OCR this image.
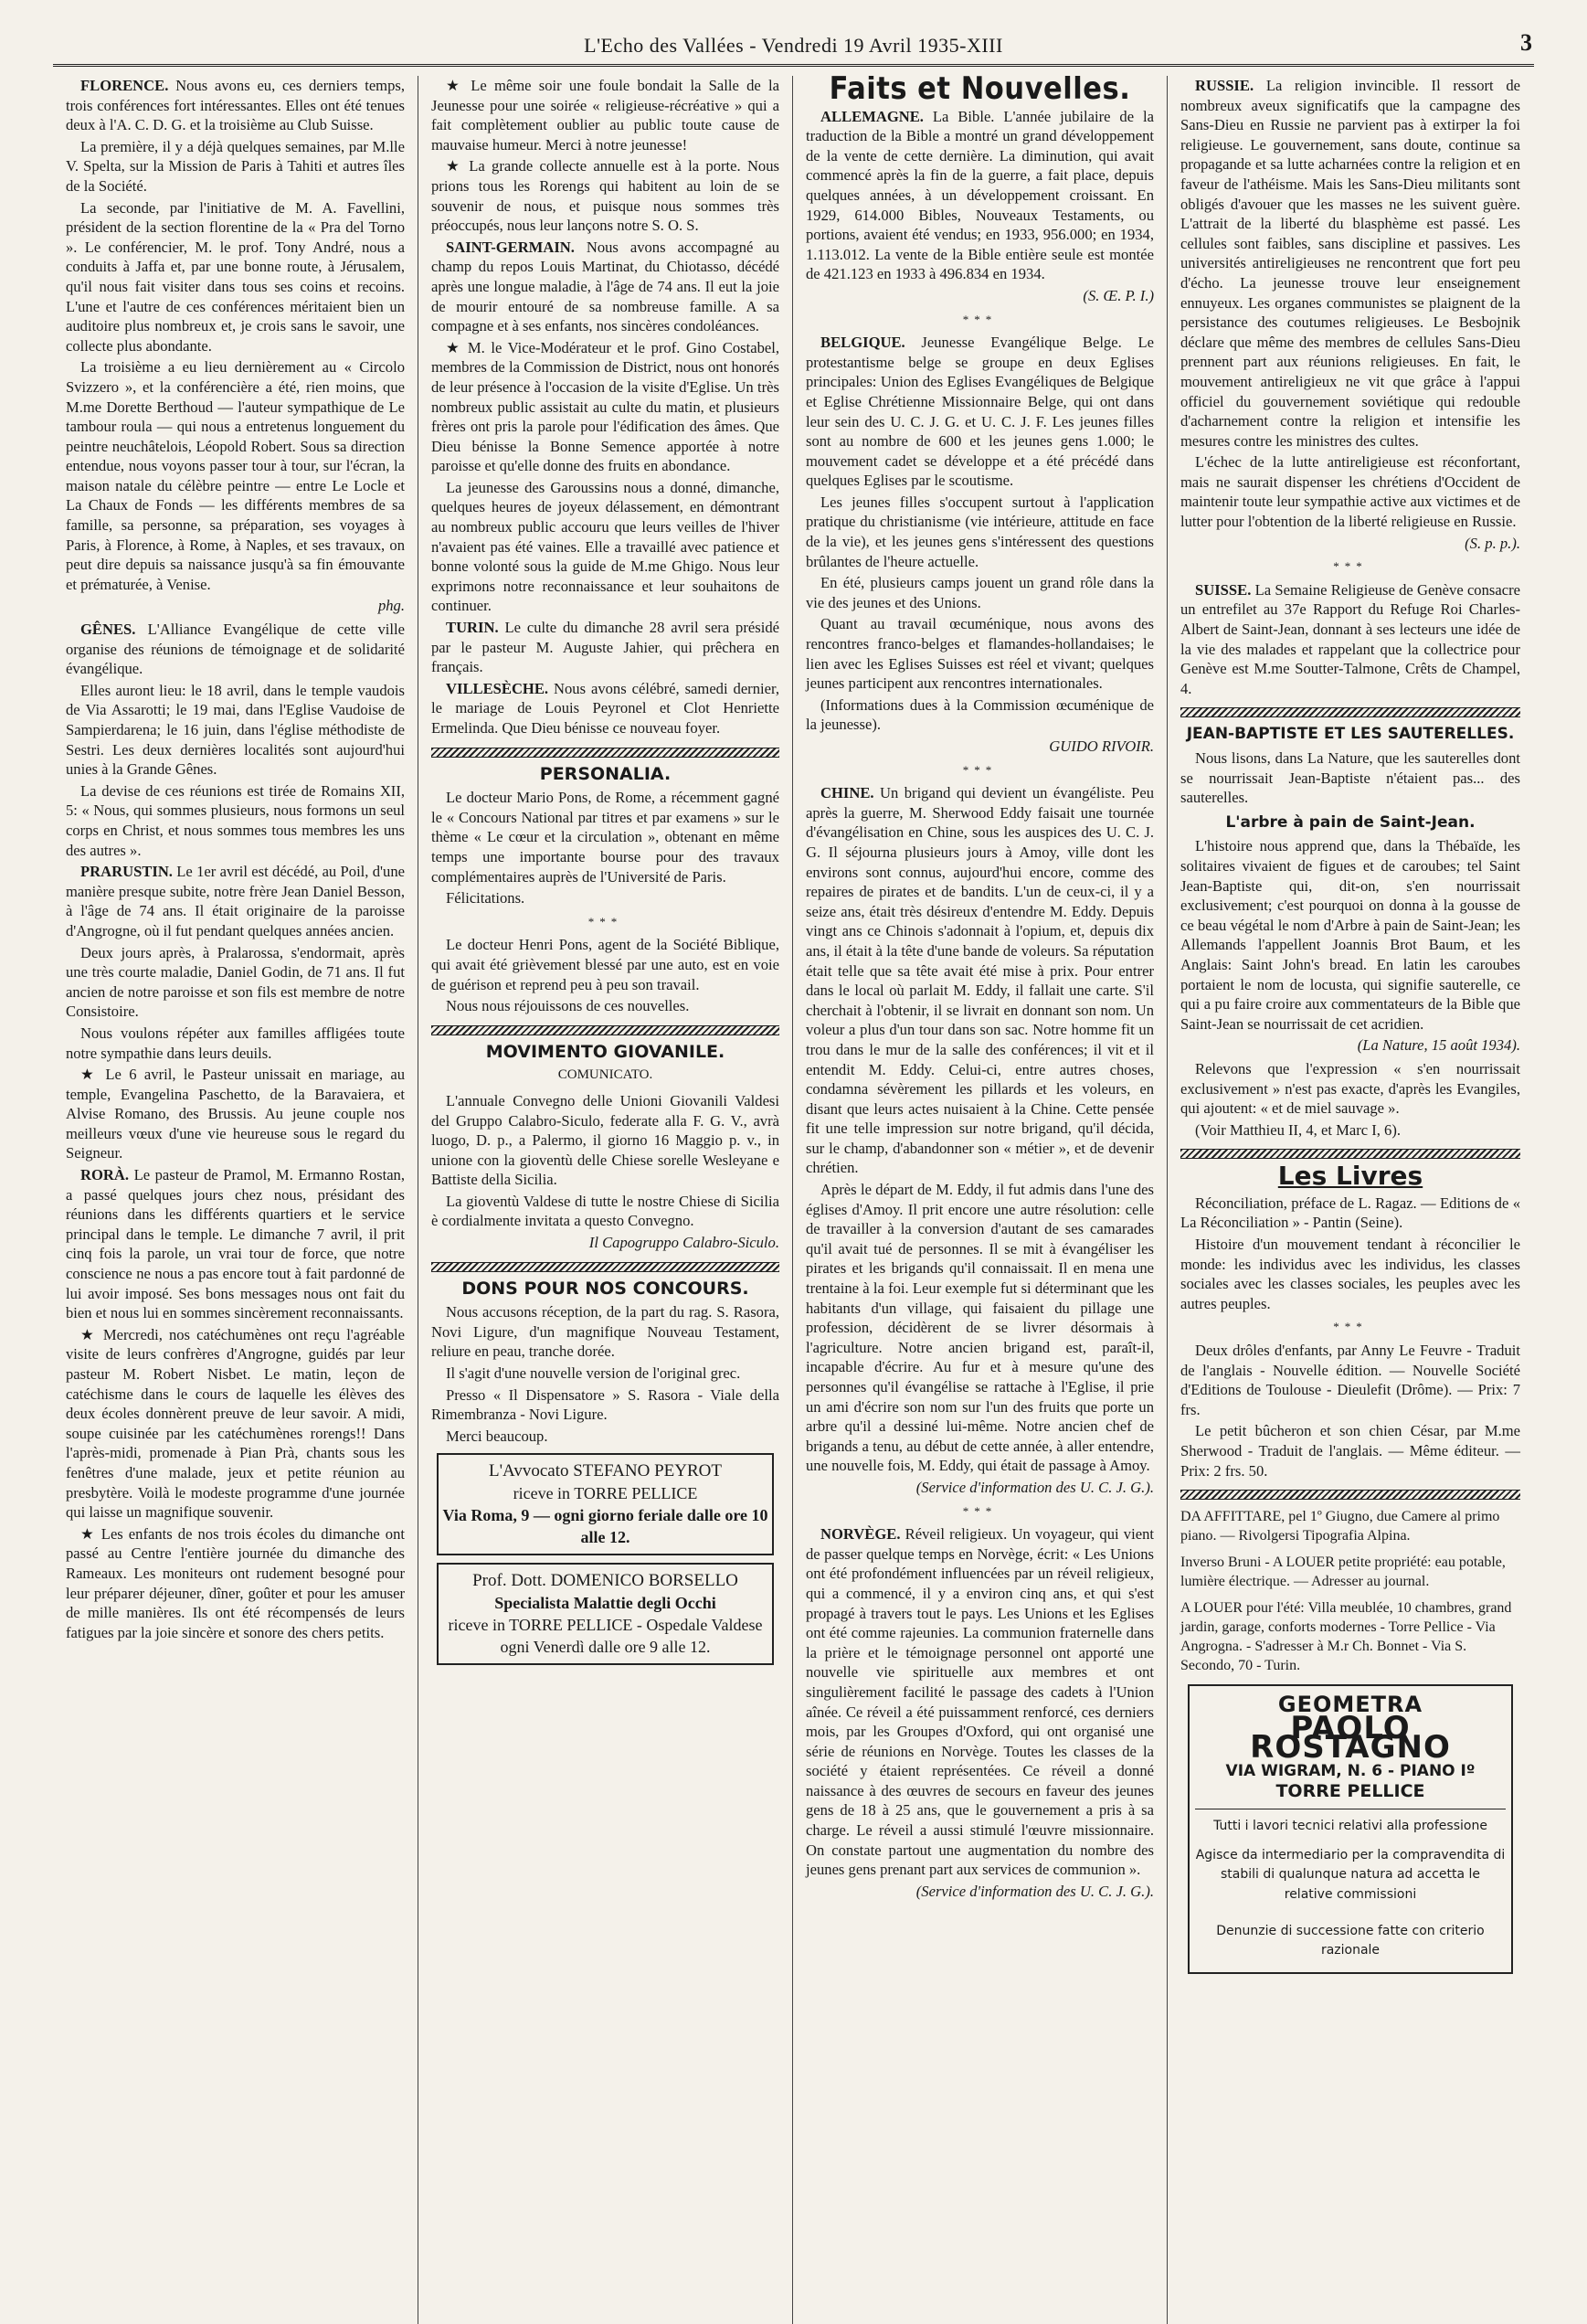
L'Echo des Vallées - Vendredi 19 Avril 1935-XIII	3

FLORENCE. Nous avons eu, ces derniers temps, trois conférences fort intéressantes. Elles ont été tenues deux à l'A. C. D. G. et la troisième au Club Suisse.

La première, il y a déjà quelques semaines, par M.lle V. Spelta, sur la Mission de Paris à Tahiti et autres îles de la Société.

La seconde, par l'initiative de M. A. Favellini, président de la section florentine de la « Pra del Torno ». Le conférencier, M. le prof. Tony André, nous a conduits à Jaffa et, par une bonne route, à Jérusalem, qu'il nous fait visiter dans tous ses coins et recoins. L'une et l'autre de ces conférences méritaient bien un auditoire plus nombreux et, je crois sans le savoir, une collecte plus abondante.

La troisième a eu lieu dernièrement au « Circolo Svizzero », et la conférencière a été, rien moins, que M.me Dorette Berthoud — l'auteur sympathique de Le tambour roula — qui nous a entretenus longuement du peintre neuchâtelois, Léopold Robert. Sous sa direction entendue, nous voyons passer tour à tour, sur l'écran, la maison natale du célèbre peintre — entre Le Locle et La Chaux de Fonds — les différents membres de sa famille, sa personne, sa préparation, ses voyages à Paris, à Florence, à Rome, à Naples, et ses travaux, on peut dire depuis sa naissance jusqu'à sa fin émouvante et prématurée, à Venise.

phg.

GÊNES. L'Alliance Evangélique de cette ville organise des réunions de témoignage et de solidarité évangélique.

Elles auront lieu: le 18 avril, dans le temple vaudois de Via Assarotti; le 19 mai, dans l'Eglise Vaudoise de Sampierdarena; le 16 juin, dans l'église méthodiste de Sestri. Les deux dernières localités sont aujourd'hui unies à la Grande Gênes.

La devise de ces réunions est tirée de Romains XII, 5: « Nous, qui sommes plusieurs, nous formons un seul corps en Christ, et nous sommes tous membres les uns des autres ».

PRARUSTIN. Le 1er avril est décédé, au Poil, d'une manière presque subite, notre frère Jean Daniel Besson, à l'âge de 74 ans. Il était originaire de la paroisse d'Angrogne, où il fut pendant quelques années ancien.

Deux jours après, à Pralarossa, s'endormait, après une très courte maladie, Daniel Godin, de 71 ans. Il fut ancien de notre paroisse et son fils est membre de notre Consistoire.

Nous voulons répéter aux familles affligées toute notre sympathie dans leurs deuils.

★ Le 6 avril, le Pasteur unissait en mariage, au temple, Evangelina Paschetto, de la Baravaiera, et Alvise Romano, des Brussis. Au jeune couple nos meilleurs vœux d'une vie heureuse sous le regard du Seigneur.

RORÀ. Le pasteur de Pramol, M. Ermanno Rostan, a passé quelques jours chez nous, présidant des réunions dans les différents quartiers et le service principal dans le temple. Le dimanche 7 avril, il prit cinq fois la parole, un vrai tour de force, que notre conscience ne nous a pas encore tout à fait pardonné de lui avoir imposé. Ses bons messages nous ont fait du bien et nous lui en sommes sincèrement reconnaissants.

★ Mercredi, nos catéchumènes ont reçu l'agréable visite de leurs confrères d'Angrogne, guidés par leur pasteur M. Robert Nisbet. Le matin, leçon de catéchisme dans le cours de laquelle les élèves des deux écoles donnèrent preuve de leur savoir. A midi, soupe cuisinée par les catéchumènes rorengs!! Dans l'après-midi, promenade à Pian Prà, chants sous les fenêtres d'une malade, jeux et petite réunion au presbytère. Voilà le modeste programme d'une journée qui laisse un magnifique souvenir.

★ Les enfants de nos trois écoles du dimanche ont passé au Centre l'entière journée du dimanche des Rameaux. Les moniteurs ont rudement besogné pour leur préparer déjeuner, dîner, goûter et pour les amuser de mille manières. Ils ont été récompensés de leurs fatigues par la joie sincère et sonore des chers petits.

★ Le même soir une foule bondait la Salle de la Jeunesse pour une soirée « religieuse-récréative » qui a fait complètement oublier au public toute cause de mauvaise humeur. Merci à notre jeunesse!

★ La grande collecte annuelle est à la porte. Nous prions tous les Rorengs qui habitent au loin de se souvenir de nous, et puisque nous sommes très préoccupés, nous leur lançons notre S. O. S.

SAINT-GERMAIN. Nous avons accompagné au champ du repos Louis Martinat, du Chiotasso, décédé après une longue maladie, à l'âge de 74 ans. Il eut la joie de mourir entouré de sa nombreuse famille. A sa compagne et à ses enfants, nos sincères condoléances.

★ M. le Vice-Modérateur et le prof. Gino Costabel, membres de la Commission de District, nous ont honorés de leur présence à l'occasion de la visite d'Eglise. Un très nombreux public assistait au culte du matin, et plusieurs frères ont pris la parole pour l'édification des âmes. Que Dieu bénisse la Bonne Semence apportée à notre paroisse et qu'elle donne des fruits en abondance.

La jeunesse des Garoussins nous a donné, dimanche, quelques heures de joyeux délassement, en démontrant au nombreux public accouru que leurs veilles de l'hiver n'avaient pas été vaines. Elle a travaillé avec patience et bonne volonté sous la guide de M.me Ghigo. Nous leur exprimons notre reconnaissance et leur souhaitons de continuer.

TURIN. Le culte du dimanche 28 avril sera présidé par le pasteur M. Auguste Jahier, qui prêchera en français.

VILLESÈCHE. Nous avons célébré, samedi dernier, le mariage de Louis Peyronel et Clot Henriette Ermelinda. Que Dieu bénisse ce nouveau foyer.

PERSONALIA.

Le docteur Mario Pons, de Rome, a récemment gagné le « Concours National par titres et par examens » sur le thème « Le cœur et la circulation », obtenant en même temps une importante bourse pour des travaux complémentaires auprès de l'Université de Paris.

Félicitations.

***

Le docteur Henri Pons, agent de la Société Biblique, qui avait été grièvement blessé par une auto, est en voie de guérison et reprend peu à peu son travail.

Nous nous réjouissons de ces nouvelles.

MOVIMENTO GIOVANILE.
COMUNICATO.

L'annuale Convegno delle Unioni Giovanili Valdesi del Gruppo Calabro-Siculo, federate alla F. G. V., avrà luogo, D. p., a Palermo, il giorno 16 Maggio p. v., in unione con la gioventù delle Chiese sorelle Wesleyane e Battiste della Sicilia.

La gioventù Valdese di tutte le nostre Chiese di Sicilia è cordialmente invitata a questo Convegno.

Il Capogruppo Calabro-Siculo.
DONS POUR NOS CONCOURS.

Nous accusons réception, de la part du rag. S. Rasora, Novi Ligure, d'un magnifique Nouveau Testament, reliure en peau, tranche dorée.

Il s'agit d'une nouvelle version de l'original grec.

Presso « Il Dispensatore » S. Rasora - Viale della Rimembranza - Novi Ligure.

Merci beaucoup.

L'Avvocato STEFANO PEYROT
riceve in TORRE PELLICE
Via Roma, 9 — ogni giorno feriale dalle ore 10 alle 12.
Prof. Dott. DOMENICO BORSELLO
Specialista Malattie degli Occhi
riceve in TORRE PELLICE - Ospedale Valdese ogni Venerdì dalle ore 9 alle 12.
Faits et Nouvelles.

ALLEMAGNE. La Bible. L'année jubilaire de la traduction de la Bible a montré un grand développement de la vente de cette dernière. La diminution, qui avait commencé après la fin de la guerre, a fait place, depuis quelques années, à un développement croissant. En 1929, 614.000 Bibles, Nouveaux Testaments, ou portions, avaient été vendus; en 1933, 956.000; en 1934, 1.113.012. La vente de la Bible entière seule est montée de 421.123 en 1933 à 496.834 en 1934.

(S. Œ. P. I.)
***

BELGIQUE. Jeunesse Evangélique Belge. Le protestantisme belge se groupe en deux Eglises principales: Union des Eglises Evangéliques de Belgique et Eglise Chrétienne Missionnaire Belge, qui ont dans leur sein des U. C. J. G. et U. C. J. F. Les jeunes filles sont au nombre de 600 et les jeunes gens 1.000; le mouvement cadet se développe et a été précédé dans quelques Eglises par le scoutisme.

Les jeunes filles s'occupent surtout à l'application pratique du christianisme (vie intérieure, attitude en face de la vie), et les jeunes gens s'intéressent des questions brûlantes de l'heure actuelle.

En été, plusieurs camps jouent un grand rôle dans la vie des jeunes et des Unions.

Quant au travail œcuménique, nous avons des rencontres franco-belges et flamandes-hollandaises; le lien avec les Eglises Suisses est réel et vivant; quelques jeunes participent aux rencontres internationales.

(Informations dues à la Commission œcuménique de la jeunesse).

GUIDO RIVOIR.
***

CHINE. Un brigand qui devient un évangéliste. Peu après la guerre, M. Sherwood Eddy faisait une tournée d'évangélisation en Chine, sous les auspices des U. C. J. G. Il séjourna plusieurs jours à Amoy, ville dont les environs sont connus, aujourd'hui encore, comme des repaires de pirates et de bandits. L'un de ceux-ci, il y a seize ans, était très désireux d'entendre M. Eddy. Depuis vingt ans ce Chinois s'adonnait à l'opium, et, depuis dix ans, il était à la tête d'une bande de voleurs. Sa réputation était telle que sa tête avait été mise à prix. Pour entrer dans le local où parlait M. Eddy, il fallait une carte. S'il cherchait à l'obtenir, il se livrait en donnant son nom. Un voleur a plus d'un tour dans son sac. Notre homme fit un trou dans le mur de la salle des conférences; il vit et il entendit M. Eddy. Celui-ci, entre autres choses, condamna sévèrement les pillards et les voleurs, en disant que leurs actes nuisaient à la Chine. Cette pensée fit une telle impression sur notre brigand, qu'il décida, sur le champ, d'abandonner son « métier », et de devenir chrétien.

Après le départ de M. Eddy, il fut admis dans l'une des églises d'Amoy. Il prit encore une autre résolution: celle de travailler à la conversion d'autant de ses camarades qu'il avait tué de personnes. Il se mit à évangéliser les pirates et les brigands qu'il connaissait. Il en mena une trentaine à la foi. Leur exemple fut si déterminant que les habitants d'un village, qui faisaient du pillage une profession, décidèrent de se livrer désormais à l'agriculture. Notre ancien brigand est, paraît-il, incapable d'écrire. Au fur et à mesure qu'une des personnes qu'il évangélise se rattache à l'Eglise, il prie un ami d'écrire son nom sur l'un des fruits que porte un arbre qu'il a dessiné lui-même. Notre ancien chef de brigands a tenu, au début de cette année, à aller entendre, une nouvelle fois, M. Eddy, qui était de passage à Amoy.

(Service d'information des U. C. J. G.).
***

NORVÈGE. Réveil religieux. Un voyageur, qui vient de passer quelque temps en Norvège, écrit: « Les Unions ont été profondément influencées par un réveil religieux, qui a commencé, il y a environ cinq ans, et qui s'est propagé à travers tout le pays. Les Unions et les Eglises ont été comme rajeunies. La communion fraternelle dans la prière et le témoignage personnel ont apporté une nouvelle vie spirituelle aux membres et ont singulièrement facilité le passage des cadets à l'Union aînée. Ce réveil a été puissamment renforcé, ces derniers mois, par les Groupes d'Oxford, qui ont organisé une série de réunions en Norvège. Toutes les classes de la société y étaient représentées. Ce réveil a donné naissance à des œuvres de secours en faveur des jeunes gens de 18 à 25 ans, que le gouvernement a pris à sa charge. Le réveil a aussi stimulé l'œuvre missionnaire. On constate partout une augmentation du nombre des jeunes gens prenant part aux services de communion ».

(Service d'information des U. C. J. G.).

RUSSIE. La religion invincible. Il ressort de nombreux aveux significatifs que la campagne des Sans-Dieu en Russie ne parvient pas à extirper la foi religieuse. Le gouvernement, sans doute, continue sa propagande et sa lutte acharnées contre la religion et en faveur de l'athéisme. Mais les Sans-Dieu militants sont obligés d'avouer que les masses ne les suivent guère. L'attrait de la liberté du blasphème est passé. Les cellules sont faibles, sans discipline et passives. Les universités antireligieuses ne rencontrent que fort peu d'écho. La jeunesse trouve leur enseignement ennuyeux. Les organes communistes se plaignent de la persistance des coutumes religieuses. Le Besbojnik déclare que même des membres de cellules Sans-Dieu prennent part aux réunions religieuses. En fait, le mouvement antireligieux ne vit que grâce à l'appui officiel du gouvernement soviétique qui redouble d'acharnement contre la religion et intensifie les mesures contre les ministres des cultes.

L'échec de la lutte antireligieuse est réconfortant, mais ne saurait dispenser les chrétiens d'Occident de maintenir toute leur sympathie active aux victimes et de lutter pour l'obtention de la liberté religieuse en Russie.

(S. p. p.).
***

SUISSE. La Semaine Religieuse de Genève consacre un entrefilet au 37e Rapport du Refuge Roi Charles-Albert de Saint-Jean, donnant à ses lecteurs une idée de la vie des malades et rappelant que la collectrice pour Genève est M.me Soutter-Talmone, Crêts de Champel, 4.

JEAN-BAPTISTE ET LES SAUTERELLES.

Nous lisons, dans La Nature, que les sauterelles dont se nourrissait Jean-Baptiste n'étaient pas... des sauterelles.

L'arbre à pain de Saint-Jean.

L'histoire nous apprend que, dans la Thébaïde, les solitaires vivaient de figues et de caroubes; tel Saint Jean-Baptiste qui, dit-on, s'en nourrissait exclusivement; c'est pourquoi on donna à la gousse de ce beau végétal le nom d'Arbre à pain de Saint-Jean; les Allemands l'appellent Joannis Brot Baum, et les Anglais: Saint John's bread. En latin les caroubes portaient le nom de locusta, qui signifie sauterelle, ce qui a pu faire croire aux commentateurs de la Bible que Saint-Jean se nourrissait de cet acridien.

(La Nature, 15 août 1934).

Relevons que l'expression « s'en nourrissait exclusivement » n'est pas exacte, d'après les Evangiles, qui ajoutent: « et de miel sauvage ».

(Voir Matthieu II, 4, et Marc I, 6).

Les Livres

Réconciliation, préface de L. Ragaz. — Editions de « La Réconciliation » - Pantin (Seine).

Histoire d'un mouvement tendant à réconcilier le monde: les individus avec les individus, les classes sociales avec les classes sociales, les peuples avec les autres peuples.

***

Deux drôles d'enfants, par Anny Le Feuvre - Traduit de l'anglais - Nouvelle édition. — Nouvelle Société d'Editions de Toulouse - Dieulefit (Drôme). — Prix: 7 frs.

Le petit bûcheron et son chien César, par M.me Sherwood - Traduit de l'anglais. — Même éditeur. — Prix: 2 frs. 50.

DA AFFITTARE, pel 1º Giugno, due Camere al primo piano. — Rivolgersi Tipografia Alpina.
Inverso Bruni - A LOUER petite propriété: eau potable, lumière électrique. — Adresser au journal.
A LOUER pour l'été: Villa meublée, 10 chambres, grand jardin, garage, conforts modernes - Torre Pellice - Via Angrogna. - S'adresser à M.r Ch. Bonnet - Via S. Secondo, 70 - Turin.
GEOMETRA
PAOLO ROSTAGNO
VIA WIGRAM, N. 6 - PIANO Iº
TORRE PELLICE
Tutti i lavori tecnici relativi alla professione
Agisce da intermediario per la compravendita di stabili di qualunque natura ad accetta le relative commissioni
Denunzie di successione fatte con criterio razionale
